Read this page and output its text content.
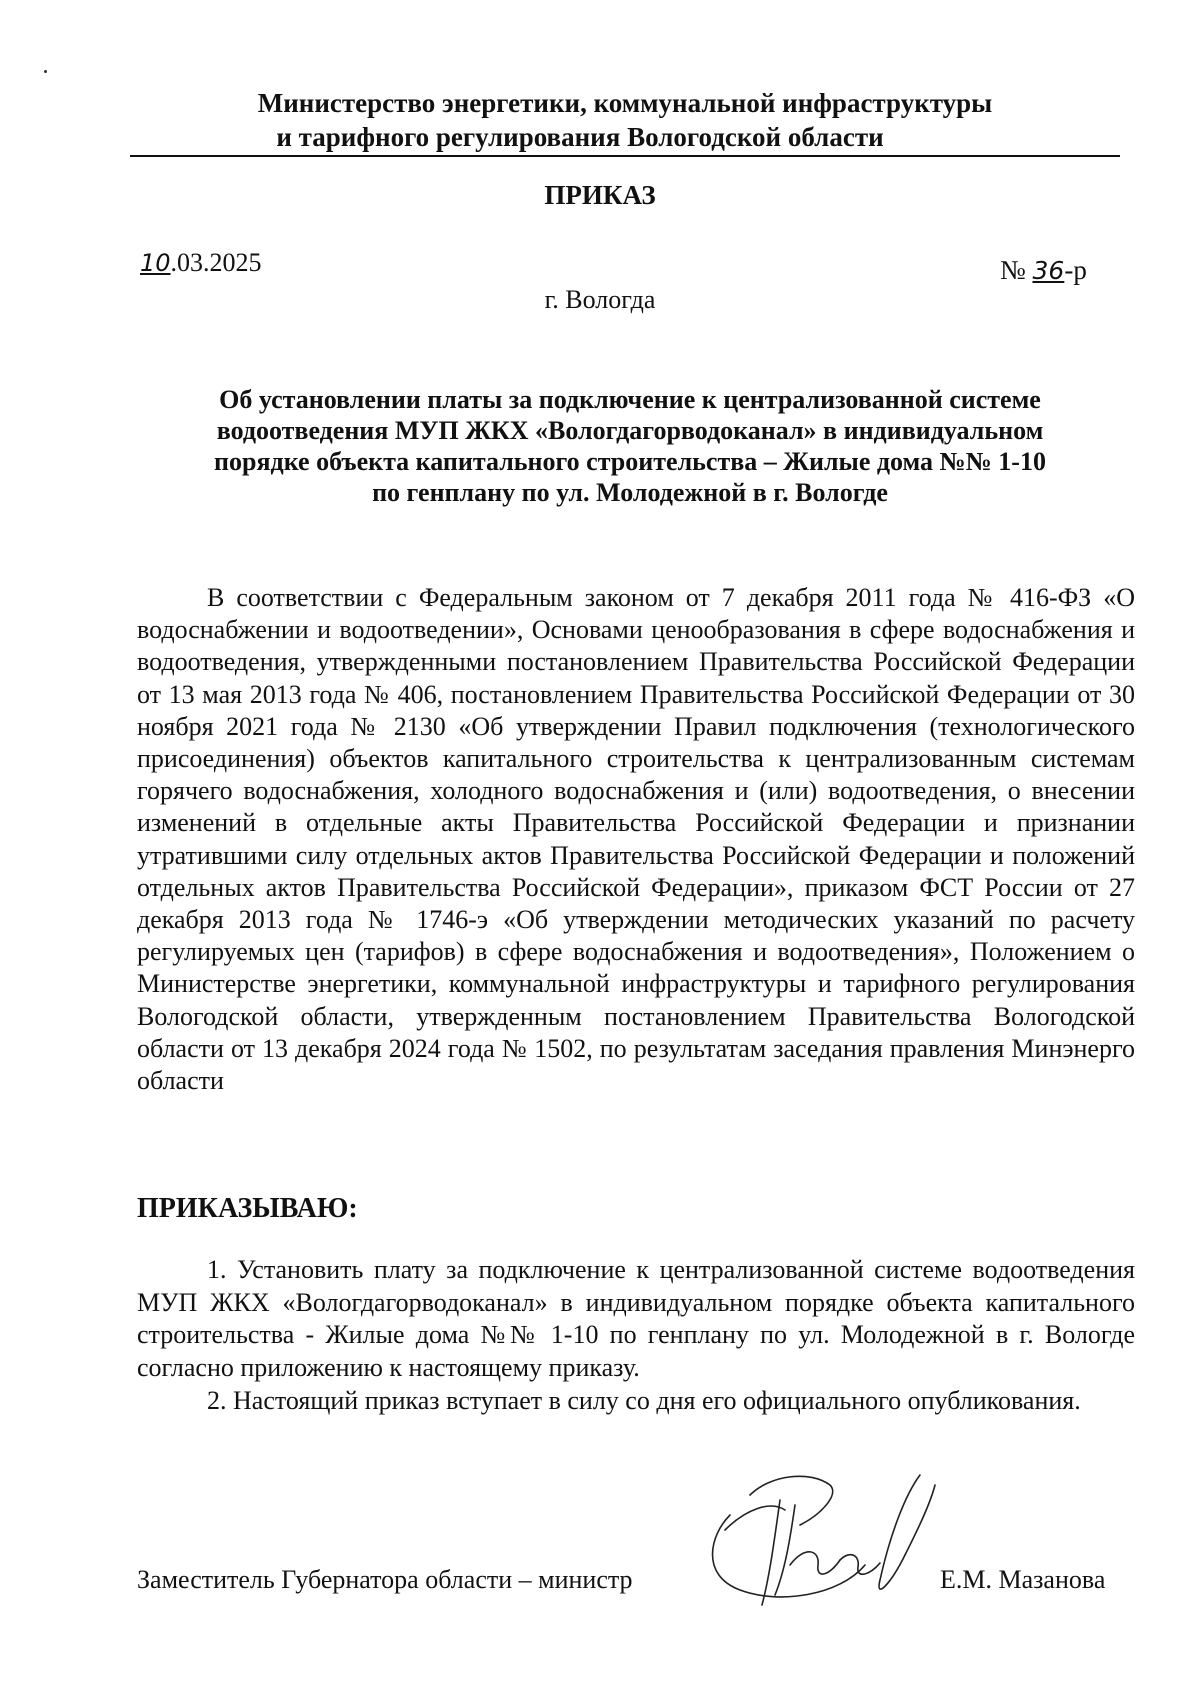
Министерство энергетики, коммунальной инфраструктуры
и тарифного регулирования Вологодской области
ПРИКАЗ
10.03.2025	№ 36-р
г. Вологда
Об установлении платы за подключение к централизованной системе
водоотведения МУП ЖКХ «Вологдагорводоканал» в индивидуальном
порядке объекта капитального строительства – Жилые дома №№ 1-10
по генплану по ул. Молодежной в г. Вологде
В соответствии с Федеральным законом от 7 декабря 2011 года № 416-ФЗ «О водоснабжении и водоотведении», Основами ценообразования в сфере водоснабжения и водоотведения, утвержденными постановлением Правительства Российской Федерации от 13 мая 2013 года № 406, постановлением Правительства Российской Федерации от 30 ноября 2021 года № 2130 «Об утверждении Правил подключения (технологического присоединения) объектов капитального строительства к централизованным системам горячего водоснабжения, холодного водоснабжения и (или) водоотведения, о внесении изменений в отдельные акты Правительства Российской Федерации и признании утратившими силу отдельных актов Правительства Российской Федерации и положений отдельных актов Правительства Российской Федерации», приказом ФСТ России от 27 декабря 2013 года № 1746-э «Об утверждении методических указаний по расчету регулируемых цен (тарифов) в сфере водоснабжения и водоотведения», Положением о Министерстве энергетики, коммунальной инфраструктуры и тарифного регулирования Вологодской области, утвержденным постановлением Правительства Вологодской области от 13 декабря 2024 года № 1502, по результатам заседания правления Минэнерго области
ПРИКАЗЫВАЮ:
1. Установить плату за подключение к централизованной системе водоотведения МУП ЖКХ «Вологдагорводоканал» в индивидуальном порядке объекта капитального строительства - Жилые дома №№ 1-10 по генплану по ул. Молодежной в г. Вологде согласно приложению к настоящему приказу.
2. Настоящий приказ вступает в силу со дня его официального опубликования.
Заместитель Губернатора области – министр	Е.М. Мазанова
